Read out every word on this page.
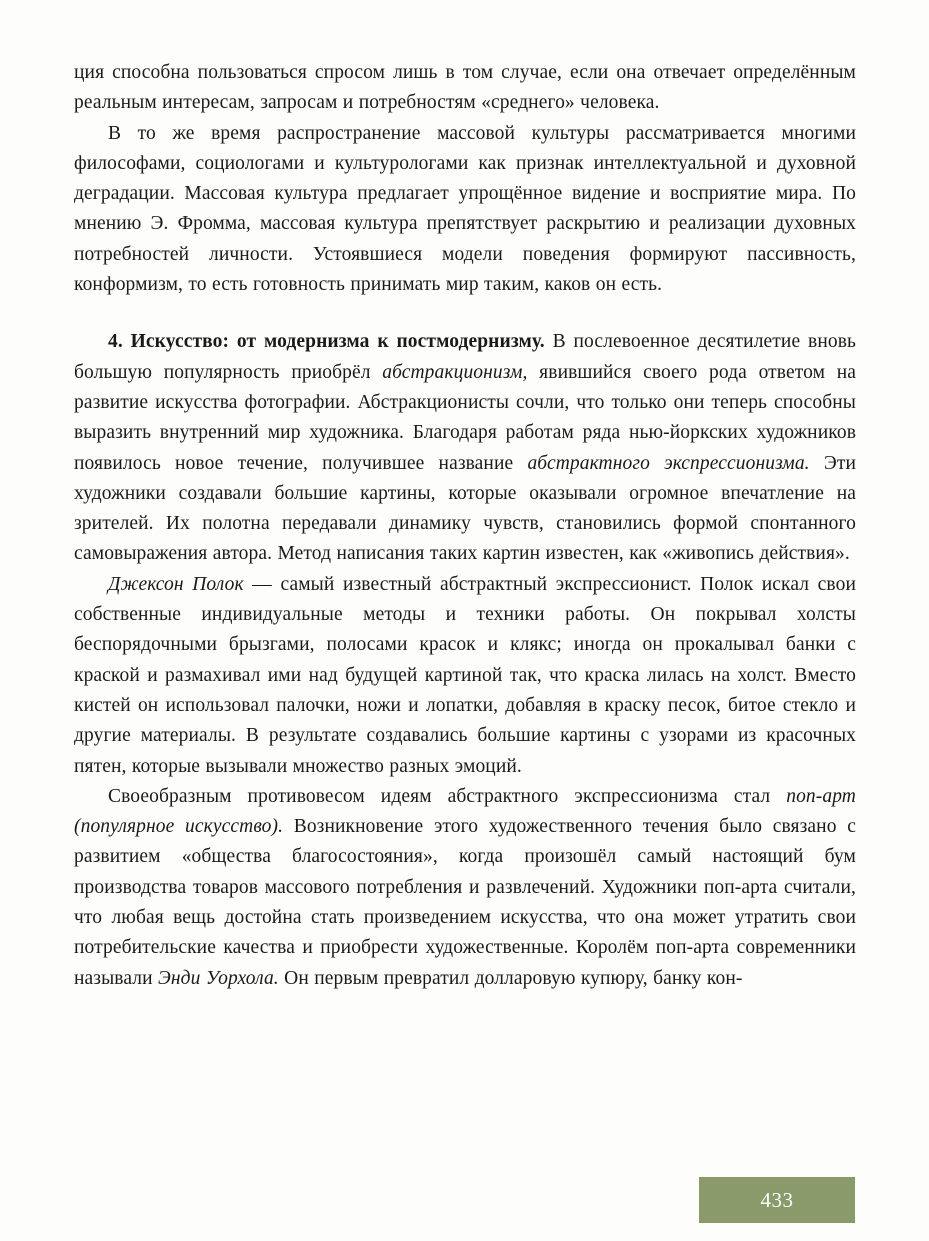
ция способна пользоваться спросом лишь в том случае, если она отвечает определённым реальным интересам, запросам и потребностям «среднего» человека.

В то же время распространение массовой культуры рассматривается многими философами, социологами и культурологами как признак интеллектуальной и духовной деградации. Массовая культура предлагает упрощённое видение и восприятие мира. По мнению Э. Фромма, массовая культура препятствует раскрытию и реализации духовных потребностей личности. Устоявшиеся модели поведения формируют пассивность, конформизм, то есть готовность принимать мир таким, каков он есть.

4. Искусство: от модернизма к постмодернизму. В послевоенное десятилетие вновь большую популярность приобрёл абстракционизм, явившийся своего рода ответом на развитие искусства фотографии. Абстракционисты сочли, что только они теперь способны выразить внутренний мир художника. Благодаря работам ряда нью-йоркских художников появилось новое течение, получившее название абстрактного экспрессионизма. Эти художники создавали большие картины, которые оказывали огромное впечатление на зрителей. Их полотна передавали динамику чувств, становились формой спонтанного самовыражения автора. Метод написания таких картин известен, как «живопись действия».

Джексон Полок — самый известный абстрактный экспрессионист. Полок искал свои собственные индивидуальные методы и техники работы. Он покрывал холсты беспорядочными брызгами, полосами красок и клякс; иногда он прокалывал банки с краской и размахивал ими над будущей картиной так, что краска лилась на холст. Вместо кистей он использовал палочки, ножи и лопатки, добавляя в краску песок, битое стекло и другие материалы. В результате создавались большие картины с узорами из красочных пятен, которые вызывали множество разных эмоций.

Своеобразным противовесом идеям абстрактного экспрессионизма стал поп-арт (популярное искусство). Возникновение этого художественного течения было связано с развитием «общества благосостояния», когда произошёл самый настоящий бум производства товаров массового потребления и развлечений. Художники поп-арта считали, что любая вещь достойна стать произведением искусства, что она может утратить свои потребительские качества и приобрести художественные. Королём поп-арта современники называли Энди Уорхола. Он первым превратил долларовую купюру, банку кон-

433
